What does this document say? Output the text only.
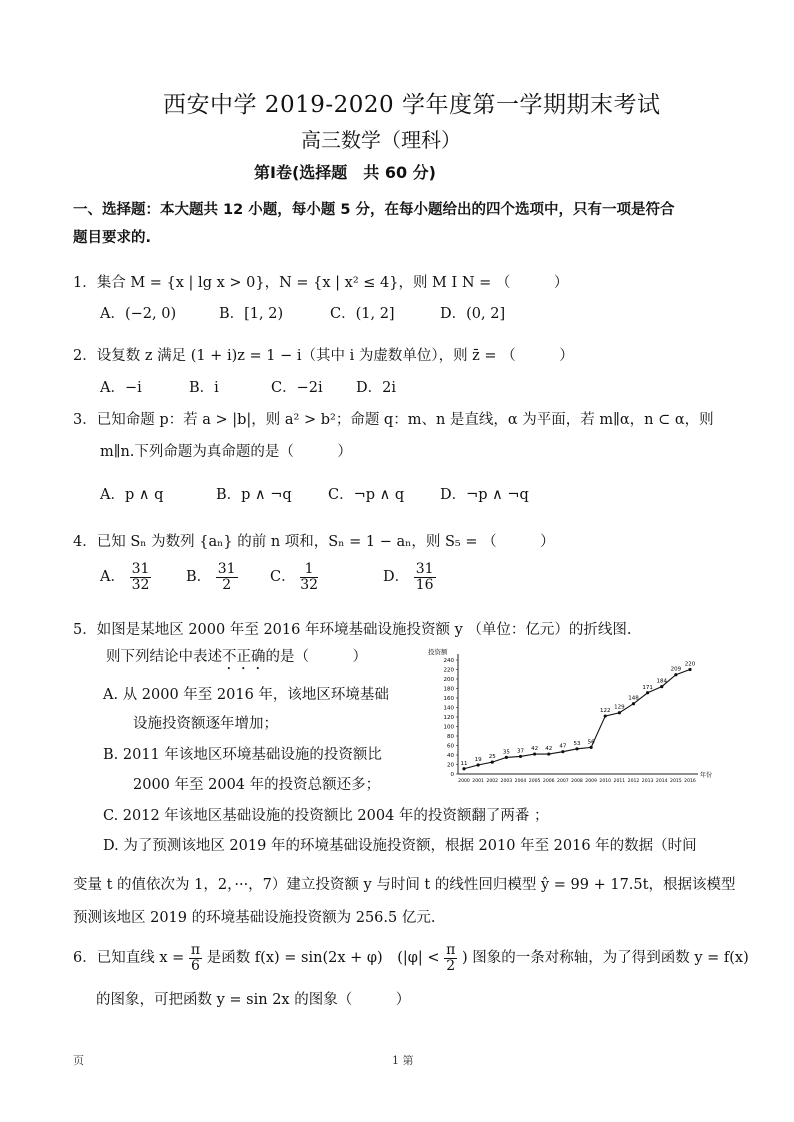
西安中学 2019-2020 学年度第一学期期末考试
高三数学（理科）
第Ⅰ卷(选择题　共 60 分)
一、选择题：本大题共 12 小题，每小题 5 分，在每小题给出的四个选项中，只有一项是符合
题目要求的.
1．集合 M = {x | lg x > 0}，N = {x | x² ≤ 4}，则 M I N = （　　　）
A．(−2, 0)	B．[1, 2)	C．(1, 2]	D．(0, 2]
2．设复数 z 满足 (1 + i)z = 1 − i（其中 i 为虚数单位），则 z̄ = （　　　）
A．−i	B．i	C．−2i D．2i
3．已知命题 p：若 a > |b|，则 a² > b²；命题 q：m、n 是直线，α 为平面，若 m∥α，n ⊂ α，则
m∥n.下列命题为真命题的是（　　　）
A．p ∧ q	B．p ∧ ¬q	C．¬p ∧ q D．¬p ∧ ¬q
4．已知 Sₙ 为数列 {aₙ} 的前 n 项和，Sₙ = 1 − aₙ，则 S₅ = （　　　）
A． $\frac{31}{32}$ B． $\frac{31}{2}$ C． $\frac{1}{32}$	D． $\frac{31}{16}$
5．如图是某地区 2000 年至 2016 年环境基础设施投资额 y （单位：亿元）的折线图.
则下列结论中表述不正确的是（　　　）
A. 从 2000 年至 2016 年，该地区环境基础
设施投资额逐年增加；
B. 2011 年该地区环境基础设施的投资额比
2000 年至 2004 年的投资总额还多；
C. 2012 年该地区基础设施的投资额比 2004 年的投资额翻了两番 ；
D. 为了预测该地区 2019 年的环境基础设施投资额，根据 2010 年至 2016 年的数据（时间
变量 t 的值依次为 1，2，···，7）建立投资额 y 与时间 t 的线性回归模型 ŷ = 99 + 17.5t，根据该模型
预测该地区 2019 的环境基础设施投资额为 256.5 亿元.
投资额
年份
0
20
40
60
80
100
120
140
160
180
200
220
240
2000 2001 2002 2003 2004 2005 2006 2007 2008 2009 2010 2011 2012 2013 2014 2015 2016
11
19 25
35 37 42 42 47 53 56
122
129
148
171
184
209
220
6．已知直线 $x = \frac{\pi}{6}$ 是函数 f(x) = sin(2x + φ)　($|\varphi| < \frac{\pi}{2}$ ) 图象的一条对称轴，为了得到函数 y = f(x)
的图象，可把函数 y = sin 2x 的图象（　　　）
页	1 第
